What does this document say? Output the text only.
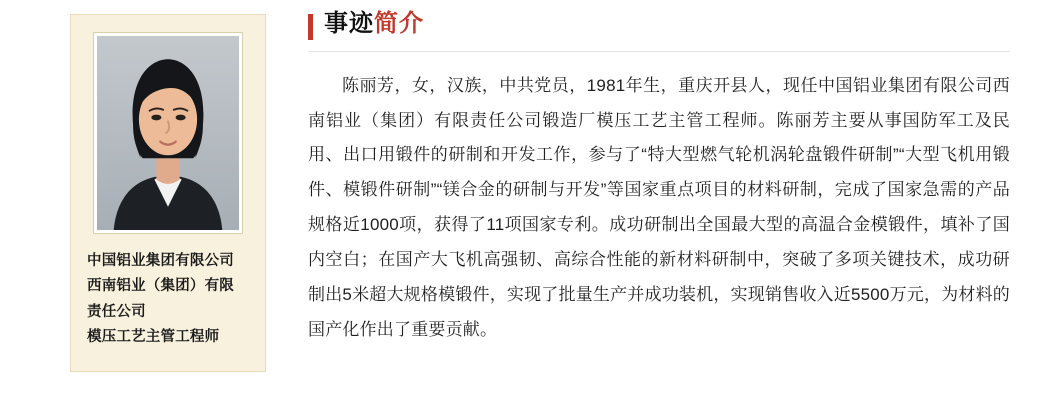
中国铝业集团有限公司
西南铝业（集团）有限
责任公司
模压工艺主管工程师
事迹简介

陈丽芳，女，汉族，中共党员，1981年生，重庆开县人，现任中国铝业集团有限公司西南铝业（集团）有限责任公司锻造厂模压工艺主管工程师。陈丽芳主要从事国防军工及民用、出口用锻件的研制和开发工作，参与了“特大型燃气轮机涡轮盘锻件研制”“大型飞机用锻件、模锻件研制”“镁合金的研制与开发”等国家重点项目的材料研制，完成了国家急需的产品规格近1000项，获得了11项国家专利。成功研制出全国最大型的高温合金模锻件，填补了国内空白；在国产大飞机高强韧、高综合性能的新材料研制中，突破了多项关键技术，成功研制出5米超大规格模锻件，实现了批量生产并成功装机，实现销售收入近5500万元，为材料的国产化作出了重要贡献。
